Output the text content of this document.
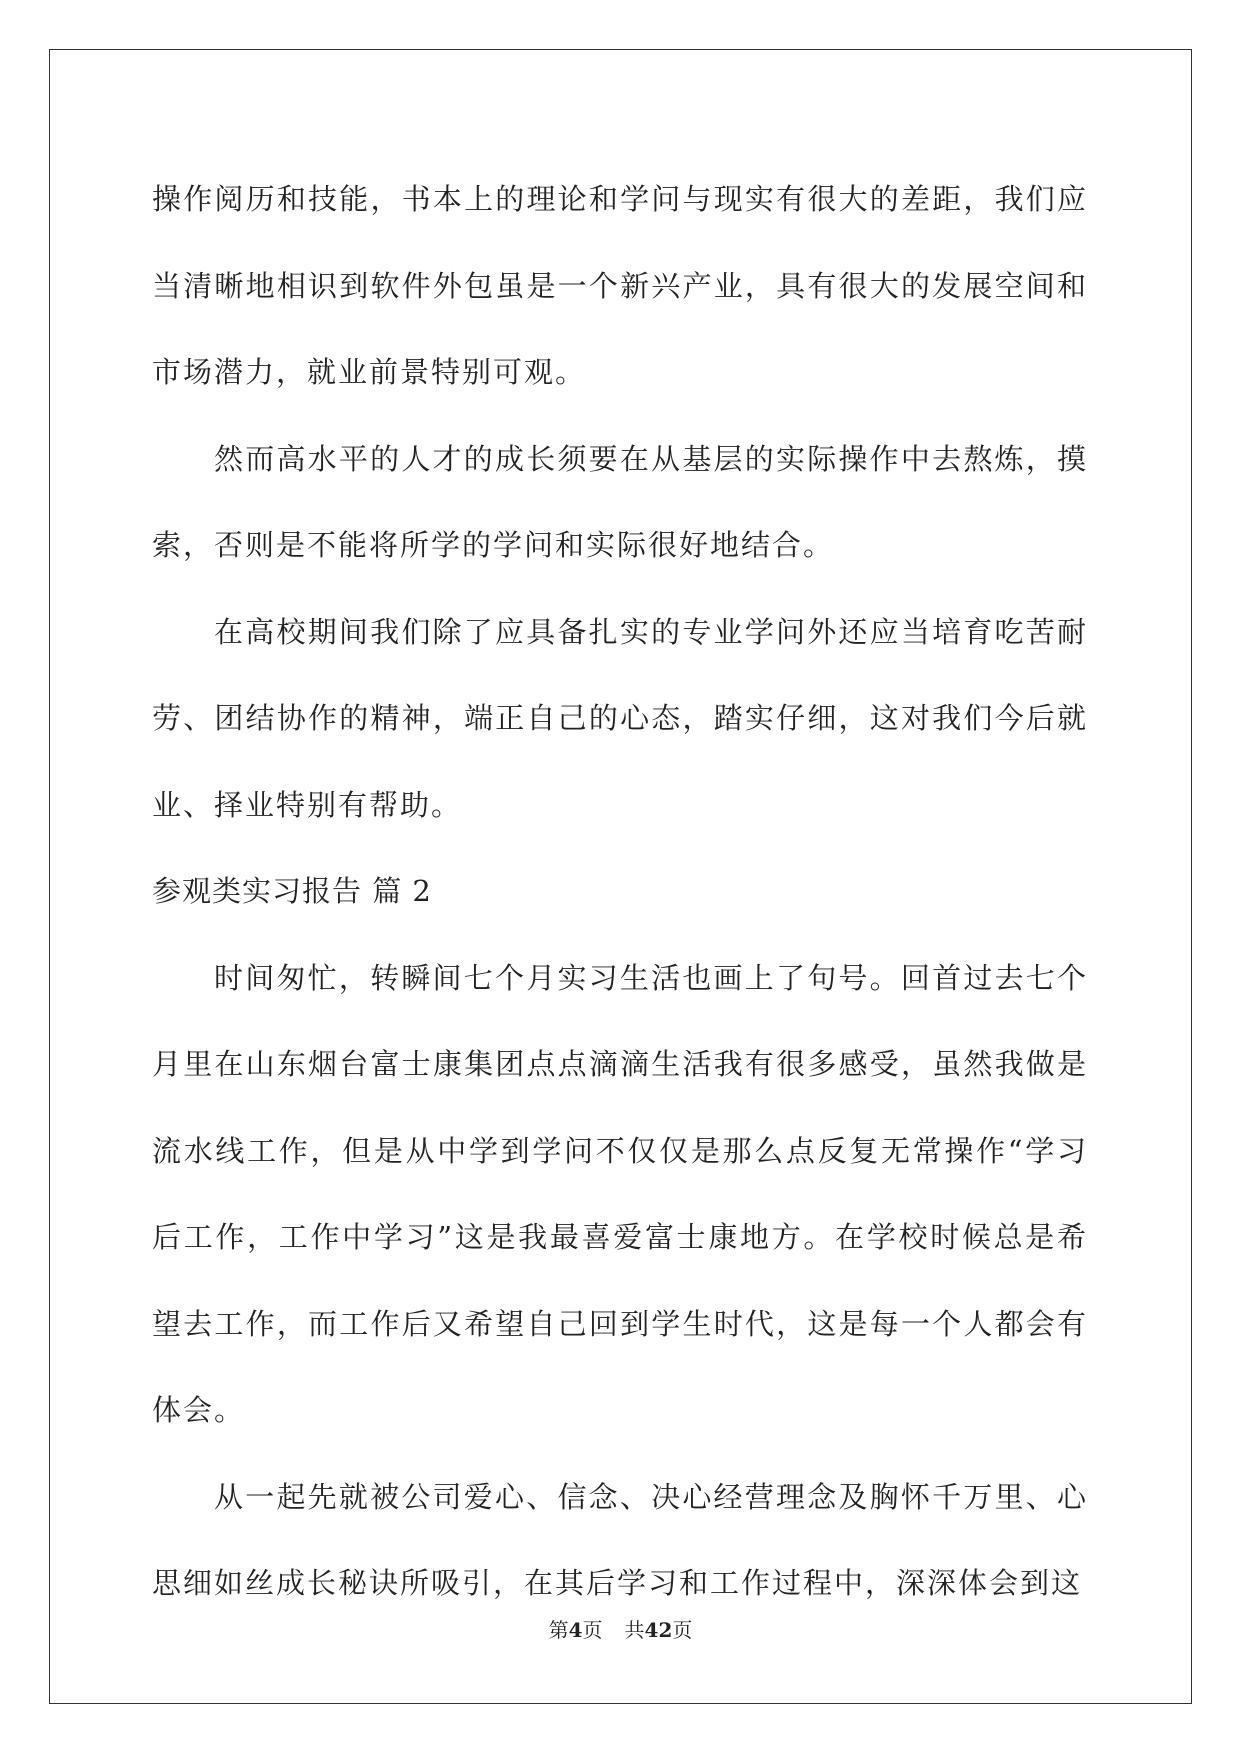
操作阅历和技能，书本上的理论和学问与现实有很大的差距，我们应当清晰地相识到软件外包虽是一个新兴产业，具有很大的发展空间和市场潜力，就业前景特别可观。

然而高水平的人才的成长须要在从基层的实际操作中去熬炼，摸索，否则是不能将所学的学问和实际很好地结合。

在高校期间我们除了应具备扎实的专业学问外还应当培育吃苦耐劳、团结协作的精神，端正自己的心态，踏实仔细，这对我们今后就业、择业特别有帮助。

参观类实习报告 篇 2

时间匆忙，转瞬间七个月实习生活也画上了句号。回首过去七个月里在山东烟台富士康集团点点滴滴生活我有很多感受，虽然我做是流水线工作，但是从中学到学问不仅仅是那么点反复无常操作“学习后工作，工作中学习”这是我最喜爱富士康地方。在学校时候总是希望去工作，而工作后又希望自己回到学生时代，这是每一个人都会有体会。

从一起先就被公司爱心、信念、决心经营理念及胸怀千万里、心思细如丝成长秘诀所吸引，在其后学习和工作过程中，深深体会到这

第4页 共42页
